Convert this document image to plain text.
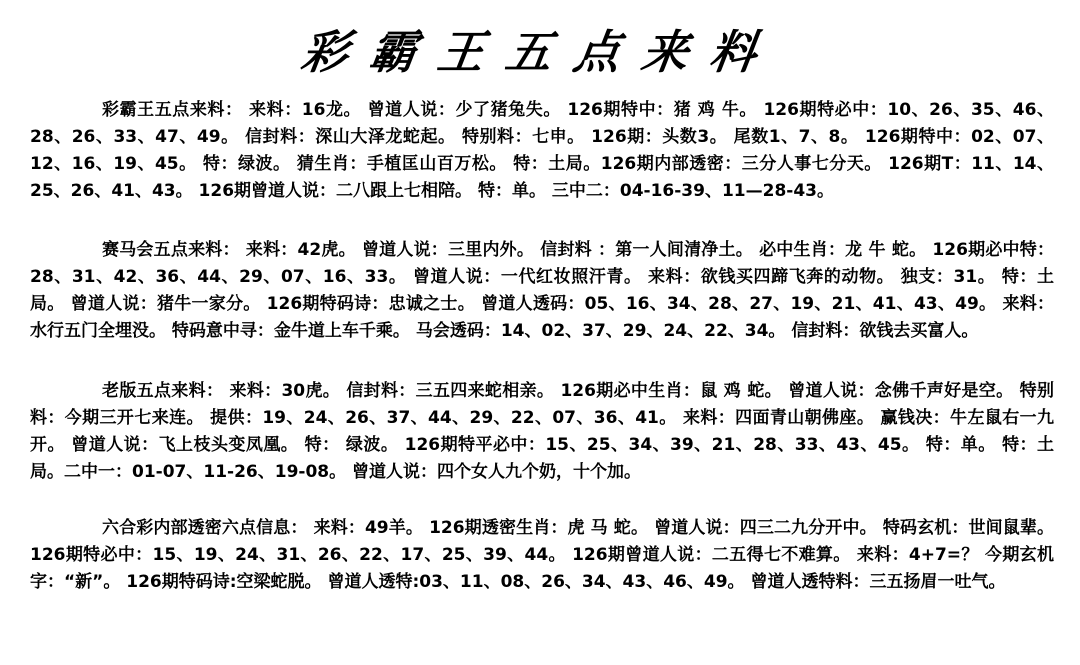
彩霸王五点来料

彩霸王五点来料： 来料：16龙。 曾道人说：少了猪兔失。 126期特中：猪 鸡 牛。 126期特必中：10、26、35、46、28、26、33、47、49。 信封料：深山大泽龙蛇起。 特别料：七申。 126期：头数3。 尾数1、7、8。 126期特中：02、07、12、16、19、45。 特：绿波。 猜生肖：手植匡山百万松。 特：土局。126期内部透密：三分人事七分天。 126期T：11、14、25、26、41、43。 126期曾道人说：二八跟上七相陪。 特：单。 三中二：04-16-39、11—28-43。

赛马会五点来料： 来料：42虎。 曾道人说：三里内外。 信封料 ：第一人间清净土。 必中生肖：龙 牛 蛇。 126期必中特：28、31、42、36、44、29、07、16、33。 曾道人说：一代红妆照汗青。 来料：欲钱买四蹄飞奔的动物。 独支：31。 特：土局。 曾道人说：猪牛一家分。 126期特码诗：忠诚之士。 曾道人透码：05、16、34、28、27、19、21、41、43、49。 来料：水行五门全埋没。 特码意中寻：金牛道上车千乘。 马会透码：14、02、37、29、24、22、34。 信封料：欲钱去买富人。

老版五点来料： 来料：30虎。 信封料：三五四来蛇相亲。 126期必中生肖：鼠 鸡 蛇。 曾道人说：念佛千声好是空。 特别料：今期三开七来连。 提供：19、24、26、37、44、29、22、07、36、41。 来料：四面青山朝佛座。 赢钱决：牛左鼠右一九开。 曾道人说：飞上枝头变凤凰。 特： 绿波。 126期特平必中：15、25、34、39、21、28、33、43、45。 特：单。 特：土局。二中一：01-07、11-26、19-08。 曾道人说：四个女人九个奶，十个加。

六合彩内部透密六点信息： 来料：49羊。 126期透密生肖：虎 马 蛇。 曾道人说：四三二九分开中。 特码玄机：世间鼠辈。 126期特必中：15、19、24、31、26、22、17、25、39、44。 126期曾道人说：二五得七不难算。 来料：4+7=？ 今期玄机字：“新”。 126期特码诗:空梁蛇脱。 曾道人透特:03、11、08、26、34、43、46、49。 曾道人透特料：三五扬眉一吐气。
